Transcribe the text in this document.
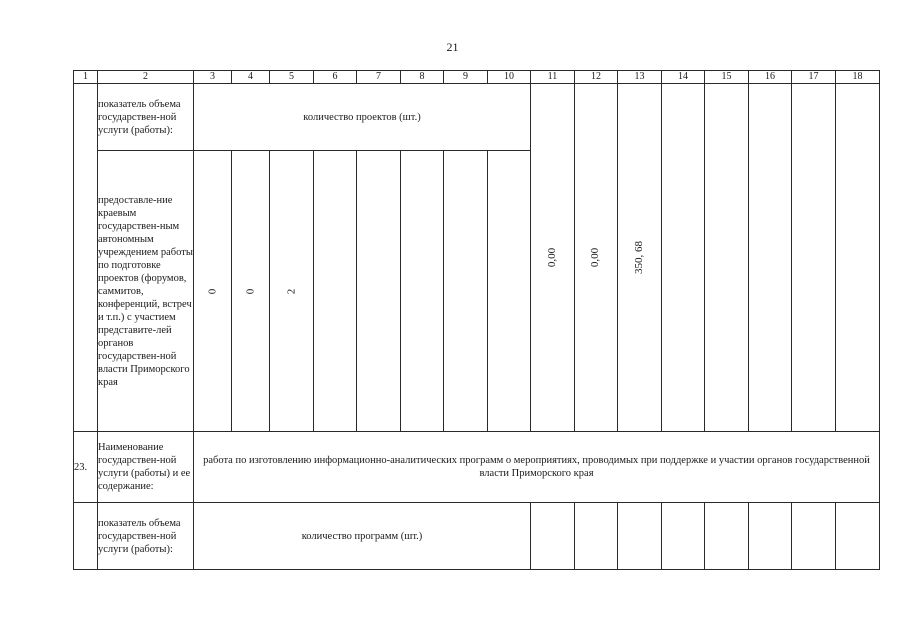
21
1	2	3	4	5	6	7	8	9	10	11	12	13	14	15	16	17	18
	показатель объема государствен-ной услуги (работы):	количество проектов (шт.)								0,00	0,00	350, 68					
	предоставле-ние краевым государствен-ным автономным учреждением работы по подготовке проектов (форумов, саммитов, конференций, встреч и т.п.) с участием представите-лей органов государствен-ной власти Приморского края	0	0	2													
23.	Наименование государствен-ной услуги (работы) и ее содержание:	работа по изготовлению информационно-аналитических программ о мероприятиях, проводимых при поддержке и участии органов государственной власти Приморского края															
	показатель объема государствен-ной услуги (работы):	количество программ (шт.)															
